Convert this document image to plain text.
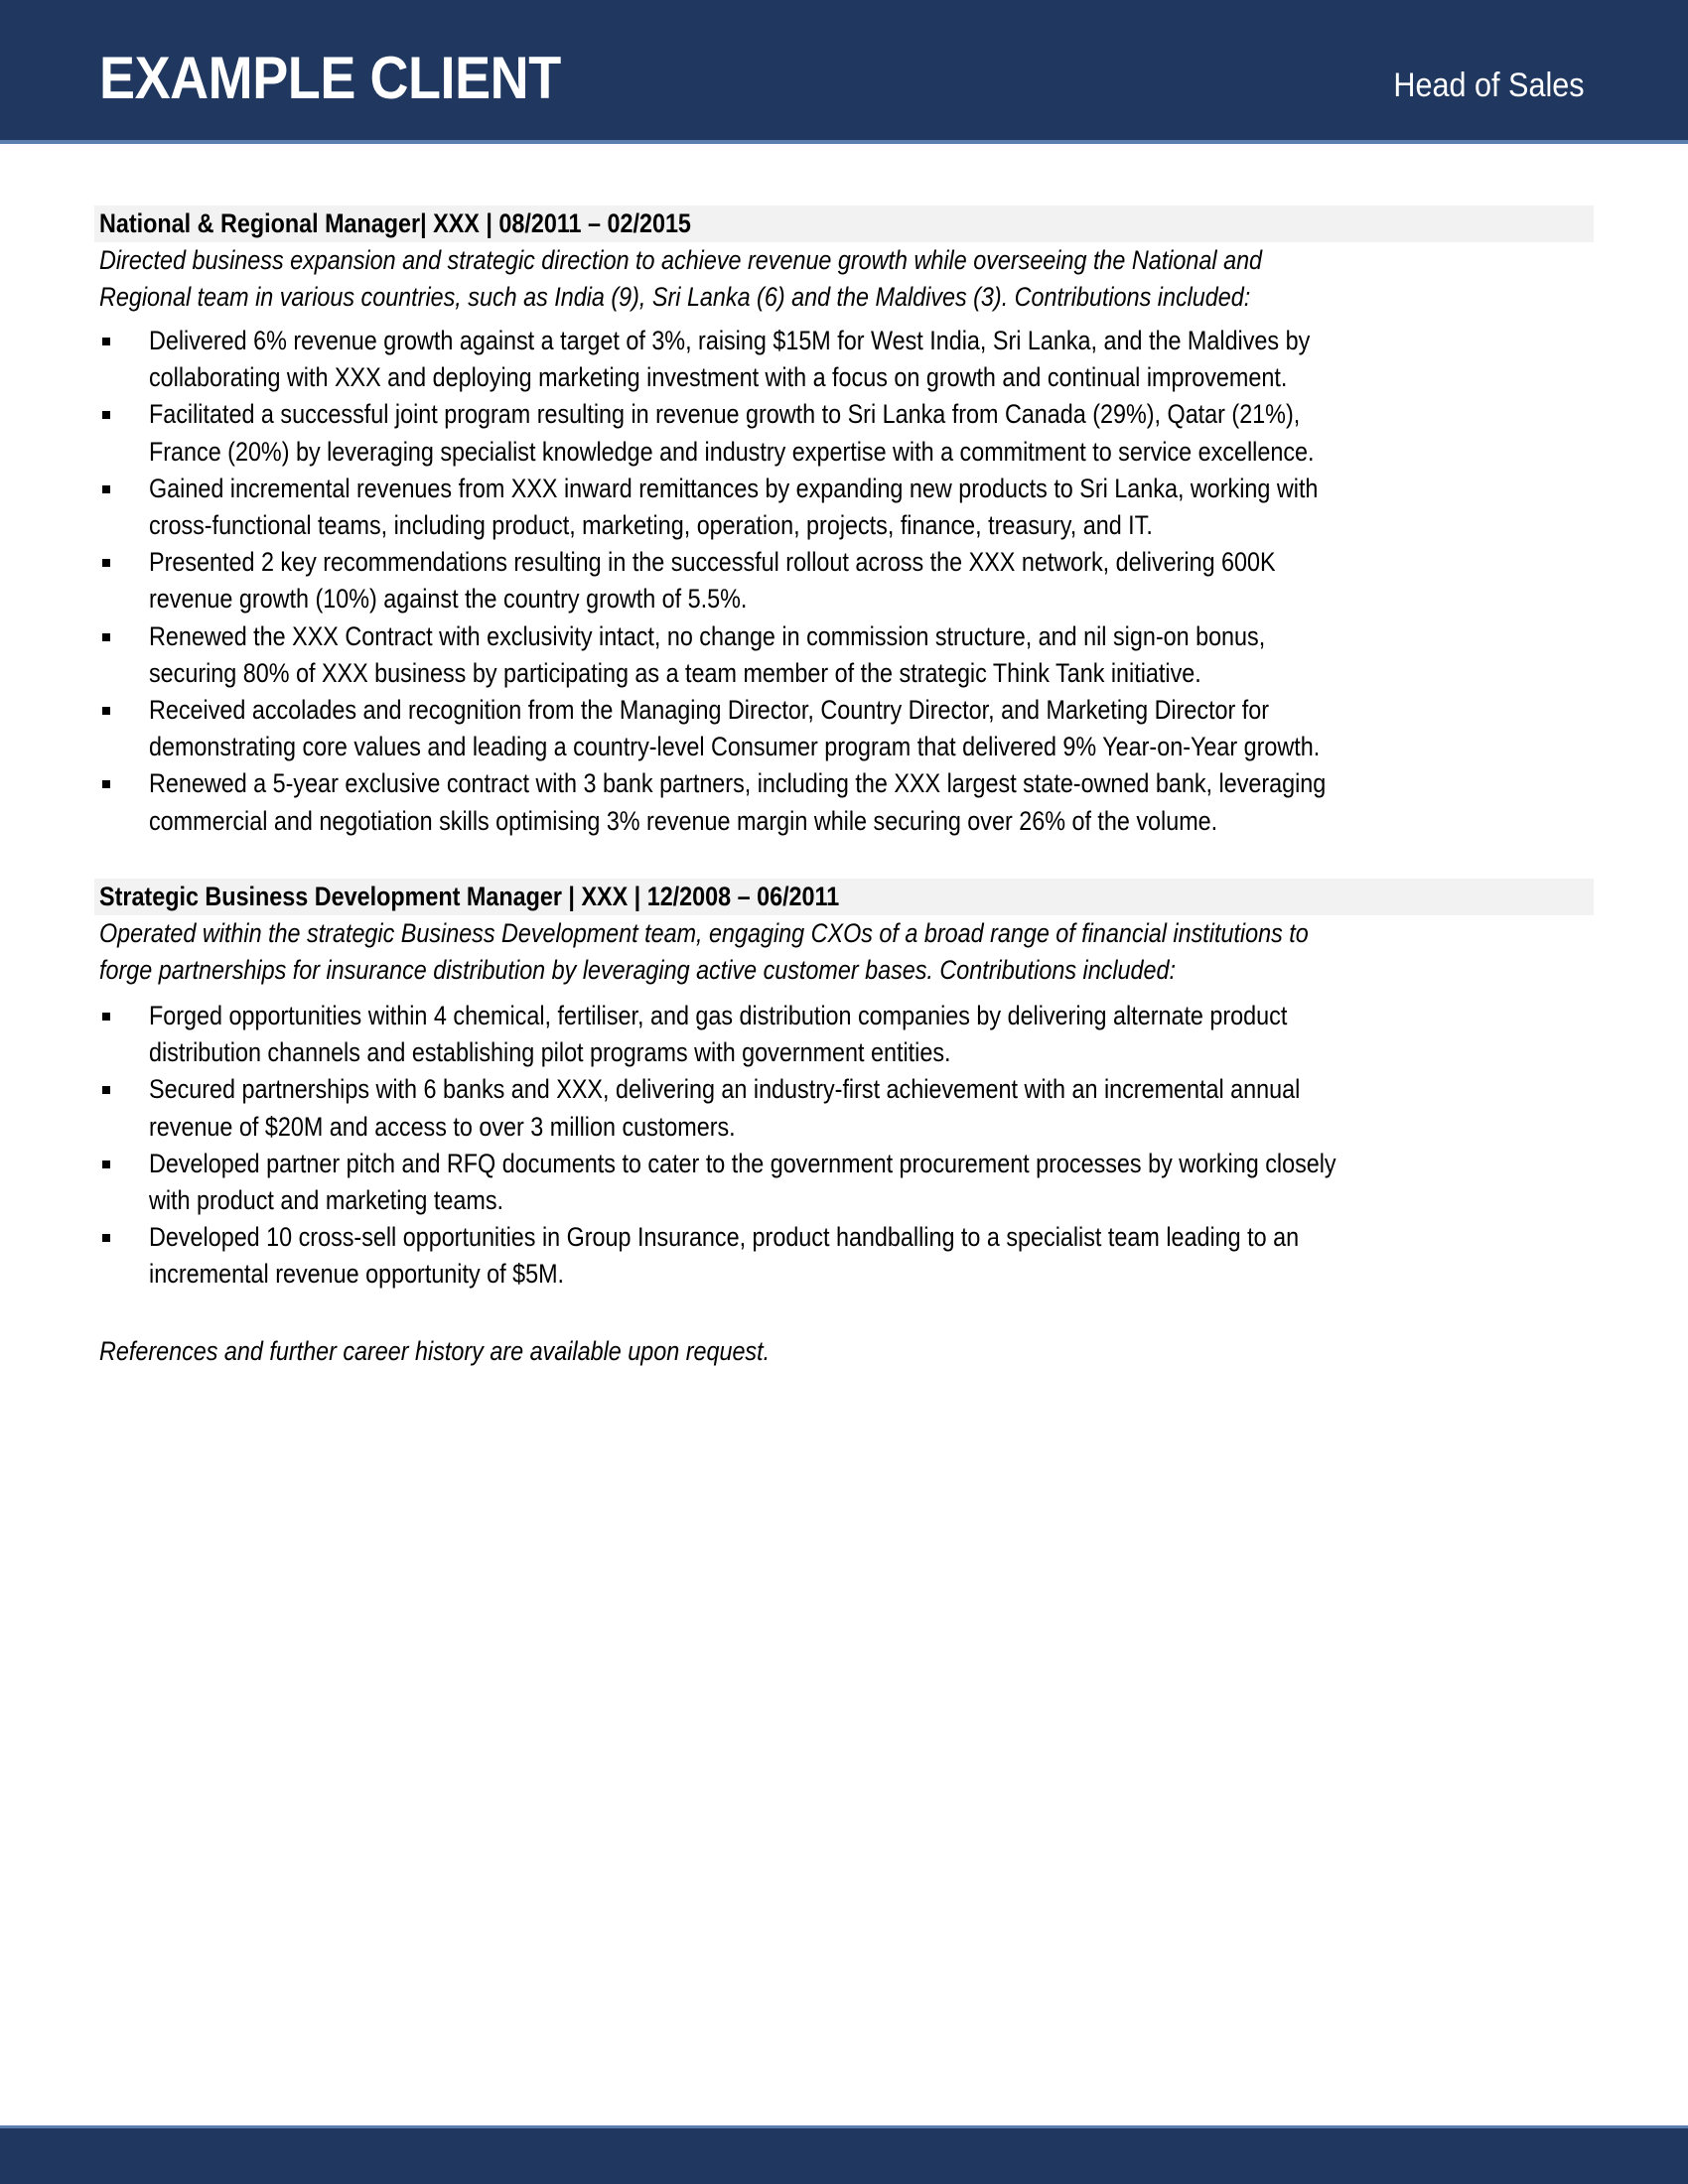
EXAMPLE CLIENT	Head of Sales
National & Regional Manager| XXX | 08/2011 – 02/2015
Directed business expansion and strategic direction to achieve revenue growth while overseeing the National and
Regional team in various countries, such as India (9), Sri Lanka (6) and the Maldives (3). Contributions included:
Delivered 6% revenue growth against a target of 3%, raising $15M for West India, Sri Lanka, and the Maldives by
collaborating with XXX and deploying marketing investment with a focus on growth and continual improvement.
Facilitated a successful joint program resulting in revenue growth to Sri Lanka from Canada (29%), Qatar (21%),
France (20%) by leveraging specialist knowledge and industry expertise with a commitment to service excellence.
Gained incremental revenues from XXX inward remittances by expanding new products to Sri Lanka, working with
cross-functional teams, including product, marketing, operation, projects, finance, treasury, and IT.
Presented 2 key recommendations resulting in the successful rollout across the XXX network, delivering 600K
revenue growth (10%) against the country growth of 5.5%.
Renewed the XXX Contract with exclusivity intact, no change in commission structure, and nil sign-on bonus,
securing 80% of XXX business by participating as a team member of the strategic Think Tank initiative.
Received accolades and recognition from the Managing Director, Country Director, and Marketing Director for
demonstrating core values and leading a country-level Consumer program that delivered 9% Year-on-Year growth.
Renewed a 5-year exclusive contract with 3 bank partners, including the XXX largest state-owned bank, leveraging
commercial and negotiation skills optimising 3% revenue margin while securing over 26% of the volume.
Strategic Business Development Manager | XXX | 12/2008 – 06/2011
Operated within the strategic Business Development team, engaging CXOs of a broad range of financial institutions to
forge partnerships for insurance distribution by leveraging active customer bases. Contributions included:
Forged opportunities within 4 chemical, fertiliser, and gas distribution companies by delivering alternate product
distribution channels and establishing pilot programs with government entities.
Secured partnerships with 6 banks and XXX, delivering an industry-first achievement with an incremental annual
revenue of $20M and access to over 3 million customers.
Developed partner pitch and RFQ documents to cater to the government procurement processes by working closely
with product and marketing teams.
Developed 10 cross-sell opportunities in Group Insurance, product handballing to a specialist team leading to an
incremental revenue opportunity of $5M.
References and further career history are available upon request.
